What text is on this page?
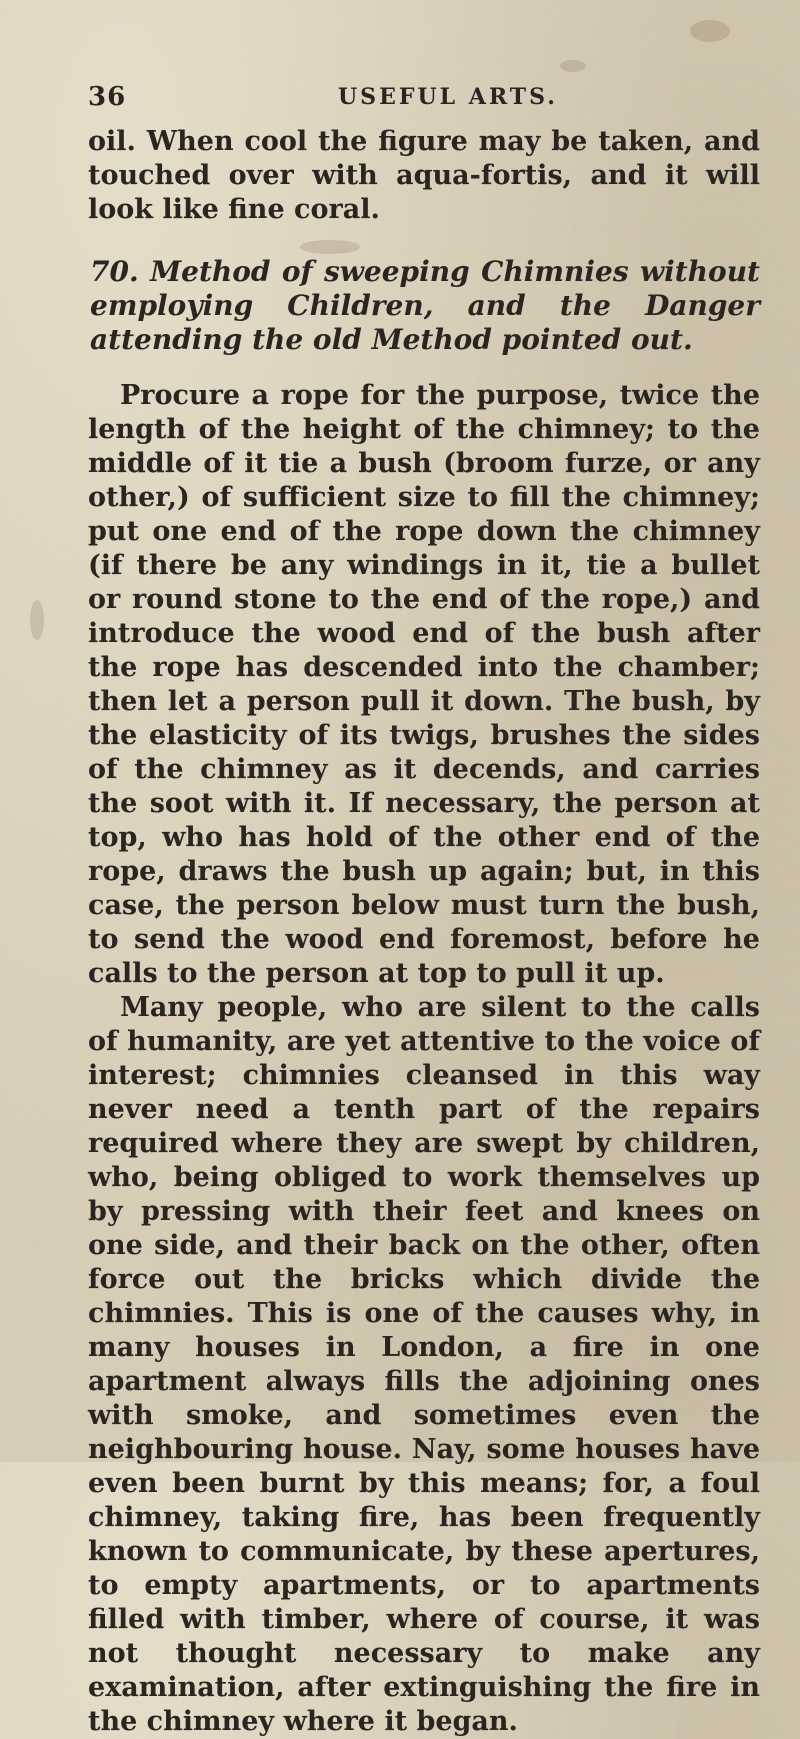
36	USEFUL ARTS.

oil. When cool the figure may be taken, and touched over with aqua-fortis, and it will look like fine coral.

70. Method of sweeping Chimnies without employing Children, and the Danger attending the old Method pointed out.

Procure a rope for the purpose, twice the length of the height of the chimney; to the middle of it tie a bush (broom furze, or any other,) of sufficient size to fill the chimney; put one end of the rope down the chimney (if there be any windings in it, tie a bullet or round stone to the end of the rope,) and introduce the wood end of the bush after the rope has descended into the chamber; then let a person pull it down. The bush, by the elasticity of its twigs, brushes the sides of the chimney as it decends, and carries the soot with it. If necessary, the person at top, who has hold of the other end of the rope, draws the bush up again; but, in this case, the person below must turn the bush, to send the wood end foremost, before he calls to the person at top to pull it up.

Many people, who are silent to the calls of humanity, are yet attentive to the voice of interest; chimnies cleansed in this way never need a tenth part of the repairs required where they are swept by children, who, being obliged to work themselves up by pressing with their feet and knees on one side, and their back on the other, often force out the bricks which divide the chimnies. This is one of the causes why, in many houses in London, a fire in one apartment always fills the adjoining ones with smoke, and sometimes even the neighbouring house. Nay, some houses have even been burnt by this means; for, a foul chimney, taking fire, has been frequently known to communicate, by these apertures, to empty apartments, or to apartments filled with timber, where of course, it was not thought necessary to make any examination, after extinguishing the fire in the chimney where it began.
